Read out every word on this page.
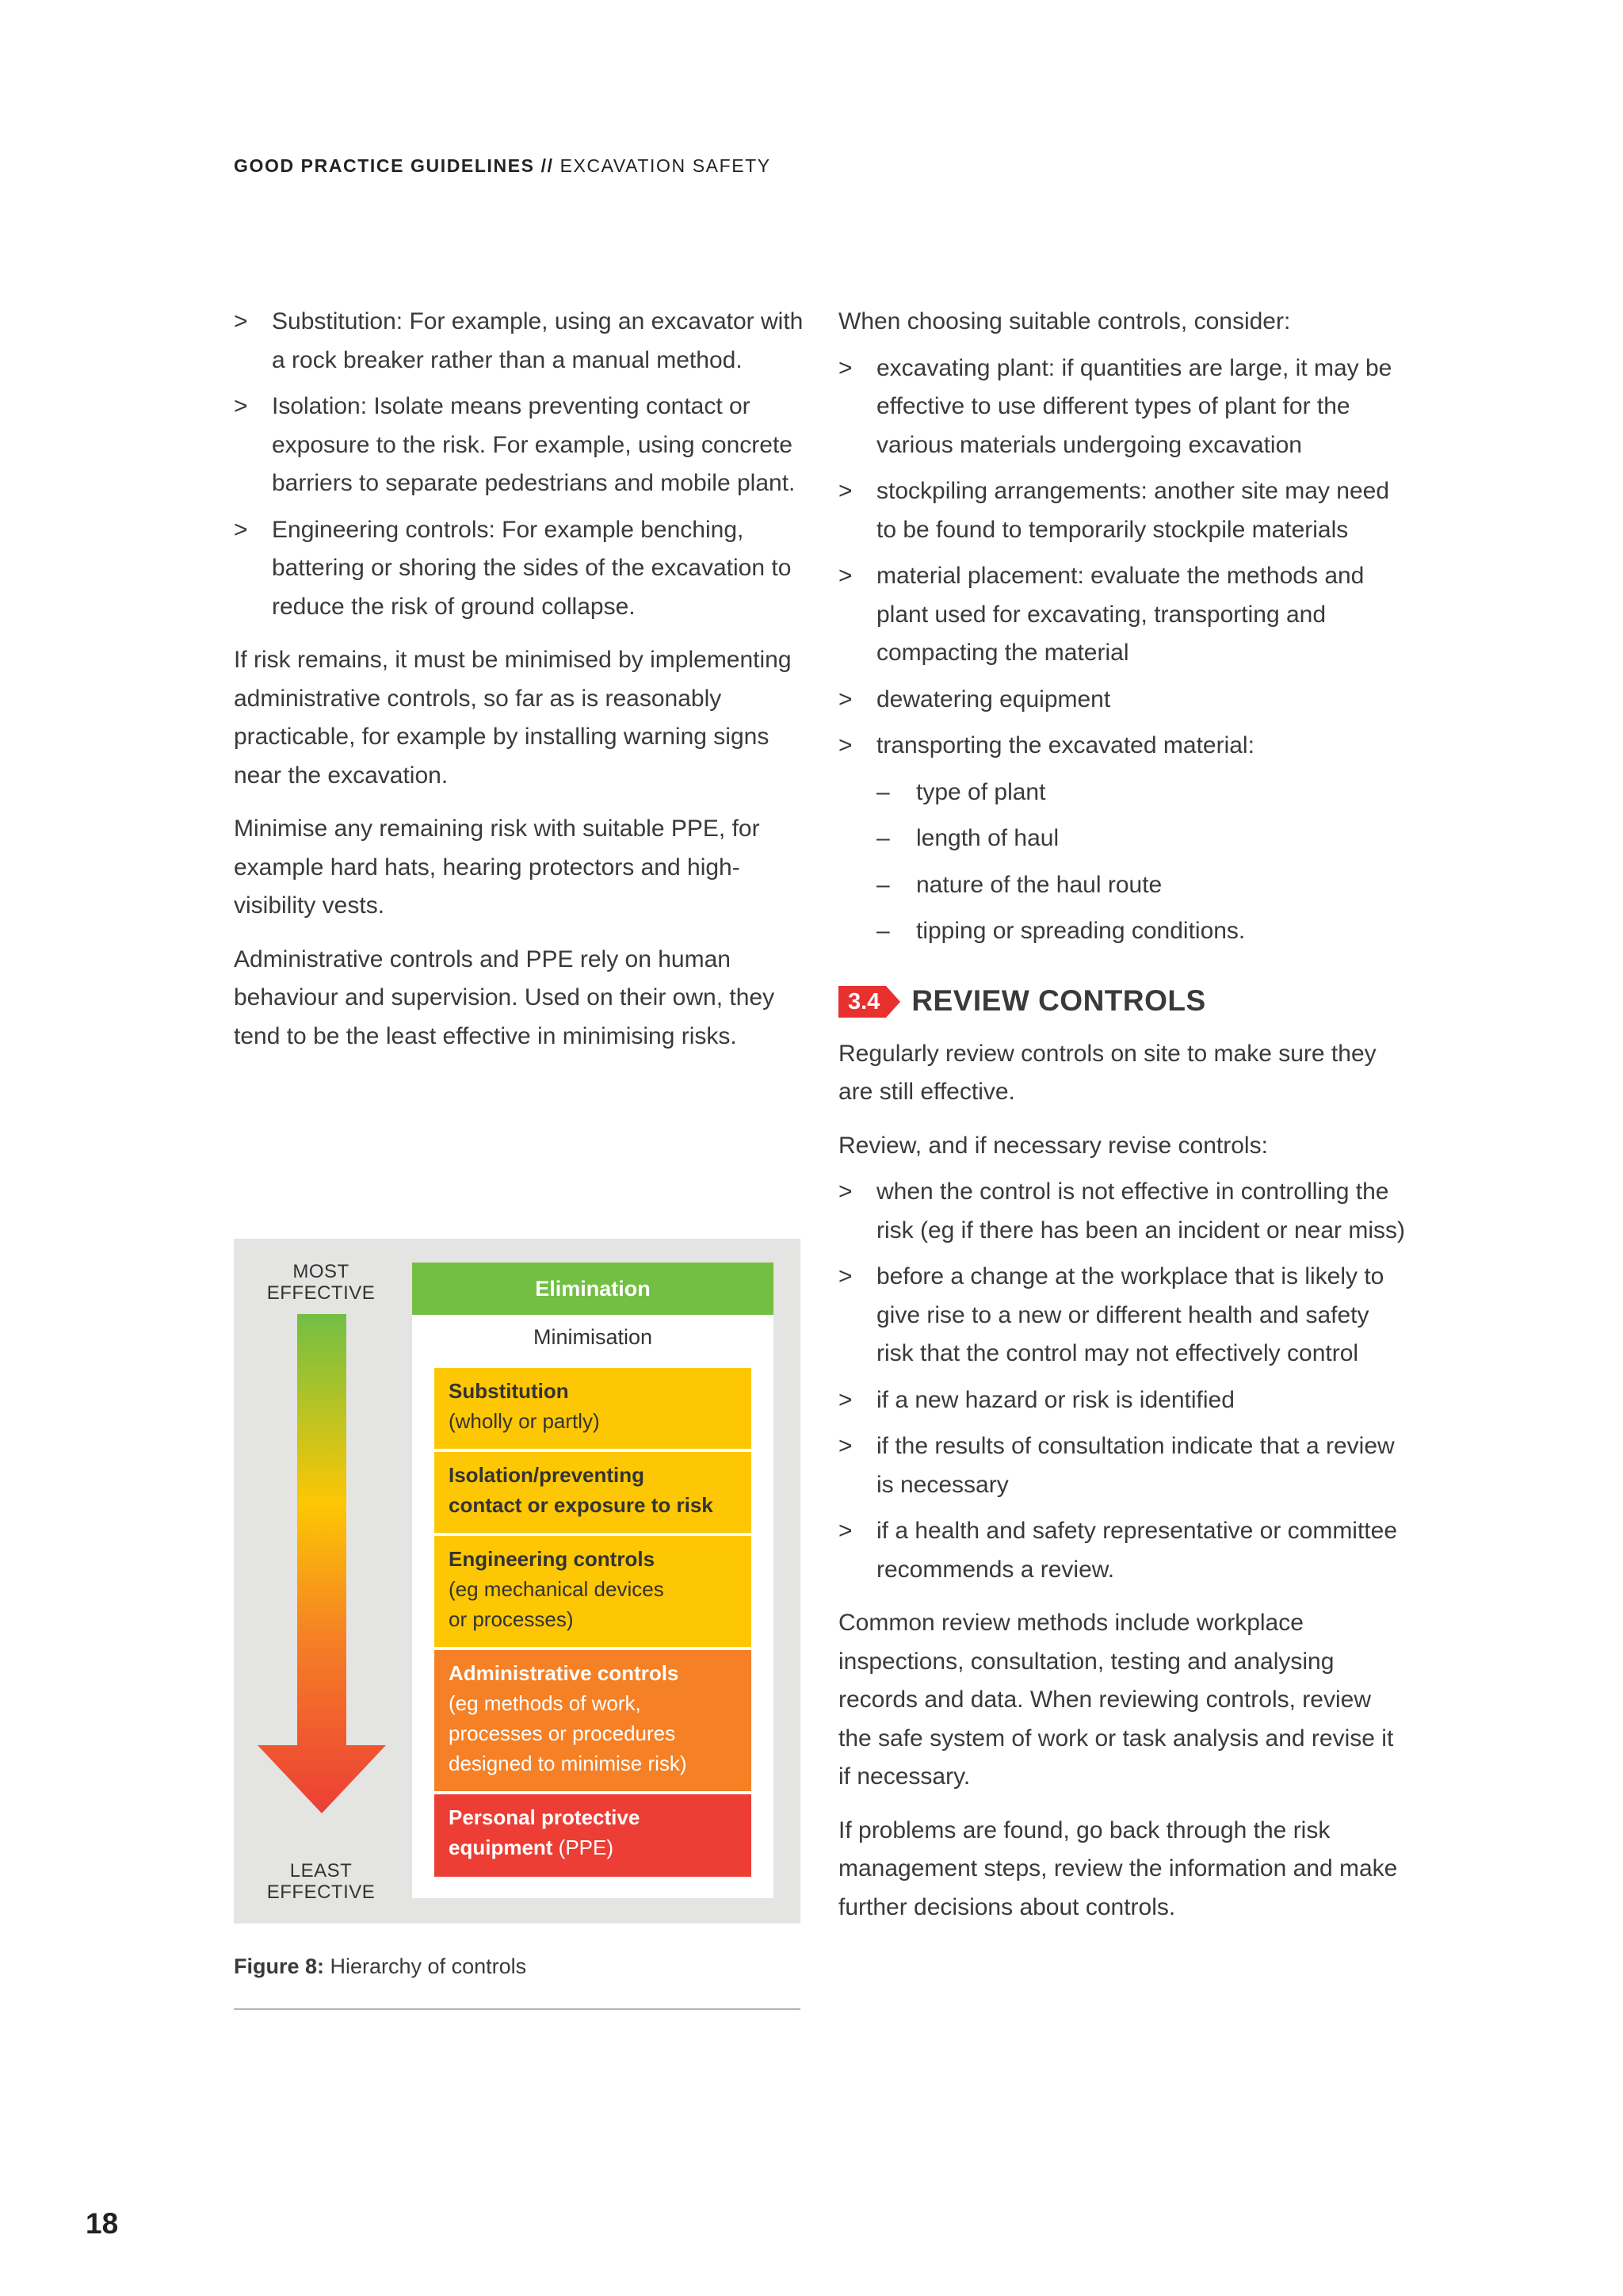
GOOD PRACTICE GUIDELINES // EXCAVATION SAFETY
>	Substitution: For example, using an excavator with a rock breaker rather than a manual method.
>	Isolation: Isolate means preventing contact or exposure to the risk. For example, using concrete barriers to separate pedestrians and mobile plant.
>	Engineering controls: For example benching, battering or shoring the sides of the excavation to reduce the risk of ground collapse.

If risk remains, it must be minimised by implementing administrative controls, so far as is reasonably practicable, for example by installing warning signs near the excavation.

Minimise any remaining risk with suitable PPE, for example hard hats, hearing protectors and high-visibility vests.

Administrative controls and PPE rely on human behaviour and supervision. Used on their own, they tend to be the least effective in minimising risks.

MOST
EFFECTIVE
LEAST
EFFECTIVE
Elimination
Minimisation
Substitution
(wholly or partly)
Isolation/preventing
contact or exposure to risk
Engineering controls
(eg mechanical devices
or processes)
Administrative controls
(eg methods of work,
processes or procedures
designed to minimise risk)
Personal protective
equipment (PPE)
Figure 8: Hierarchy of controls

When choosing suitable controls, consider:

>	excavating plant: if quantities are large, it may be effective to use different types of plant for the various materials undergoing excavation
>	stockpiling arrangements: another site may need to be found to temporarily stockpile materials
>	material placement: evaluate the methods and plant used for excavating, transporting and compacting the material
>	dewatering equipment
>	transporting the excavated material:
– type of plant
– length of haul
– nature of the haul route
– tipping or spreading conditions.
3.4 REVIEW CONTROLS

Regularly review controls on site to make sure they are still effective.

Review, and if necessary revise controls:

>	when the control is not effective in controlling the risk (eg if there has been an incident or near miss)
>	before a change at the workplace that is likely to give rise to a new or different health and safety risk that the control may not effectively control
>	if a new hazard or risk is identified
>	if the results of consultation indicate that a review is necessary
>	if a health and safety representative or committee recommends a review.

Common review methods include workplace inspections, consultation, testing and analysing records and data. When reviewing controls, review the safe system of work or task analysis and revise it if necessary.

If problems are found, go back through the risk management steps, review the information and make further decisions about controls.

18
